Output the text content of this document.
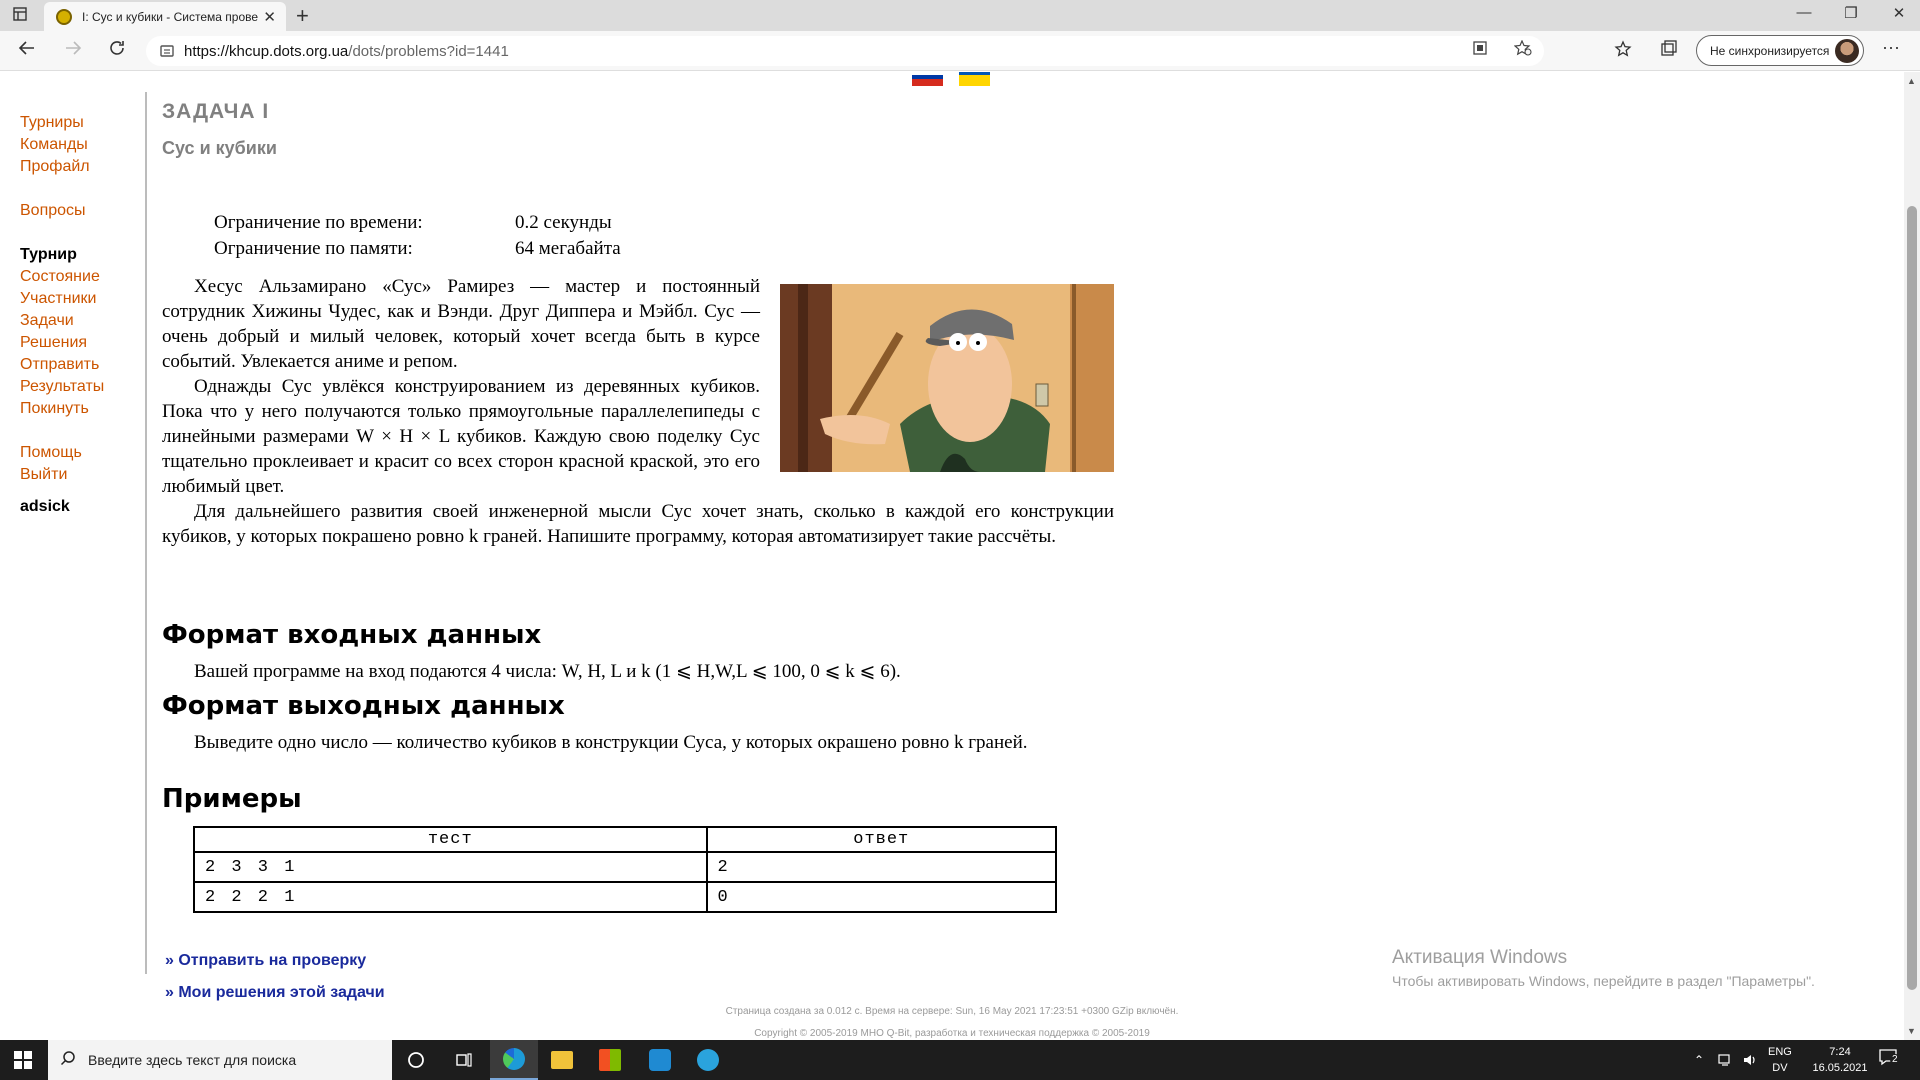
I: Сус и кубики - Система прове ✕ +	—	❐	✕
https://khcup.dots.org.ua /dots/problems?id=1441	Не синхронизируется	···
Турниры
Команды
Профайл
Вопросы
Турнир
Состояние
Участники
Задачи
Решения
Отправить
Результаты
Покинуть
Помощь
Выйти
adsick
ЗАДАЧА I
Сус и кубики
Ограничение по времени:	0.2 секунды
Ограничение по памяти:	64 мегабайта

Хесус Альзамирано «Сус» Рамирез — мастер и постоянный сотрудник Хижины Чудес, как и Вэнди. Друг Диппера и Мэйбл. Сус — очень добрый и милый человек, который хочет всегда быть в курсе событий. Увлекается аниме и репом.

Однажды Сус увлёкся конструированием из деревянных кубиков. Пока что у него получаются только прямоугольные параллелепипеды с линейными размерами W × H × L кубиков. Каждую свою поделку Сус тщательно проклеивает и красит со всех сторон красной краской, это его любимый цвет.

Для дальнейшего развития своей инженерной мысли Сус хочет знать, сколько в каждой его конструкции кубиков, у которых покрашено ровно k граней. Напишите программу, которая автоматизирует такие рассчёты.

Формат входных данных
Вашей программе на вход подаются 4 числа: W, H, L и k (1 ⩽ H,W,L ⩽ 100, 0 ⩽ k ⩽ 6).
Формат выходных данных
Выведите одно число — количество кубиков в конструкции Суса, у которых окрашено ровно k граней.
Примеры
тест	ответ
2 3 3 1	2
2 2 2 1	0
» Отправить на проверку
» Мои решения этой задачи
Активация Windows
Чтобы активировать Windows, перейдите в раздел "Параметры".
Страница создана за 0.012 с. Время на сервере: Sun, 16 May 2021 17:23:51 +0300 GZip включён.
Copyright © 2005-2019 МНО Q-Bit, разработка и техническая поддержка © 2005-2019
▲
▼
Введите здесь текст для поиска	⌃
ENG
DV
7:24
16.05.2021
2
